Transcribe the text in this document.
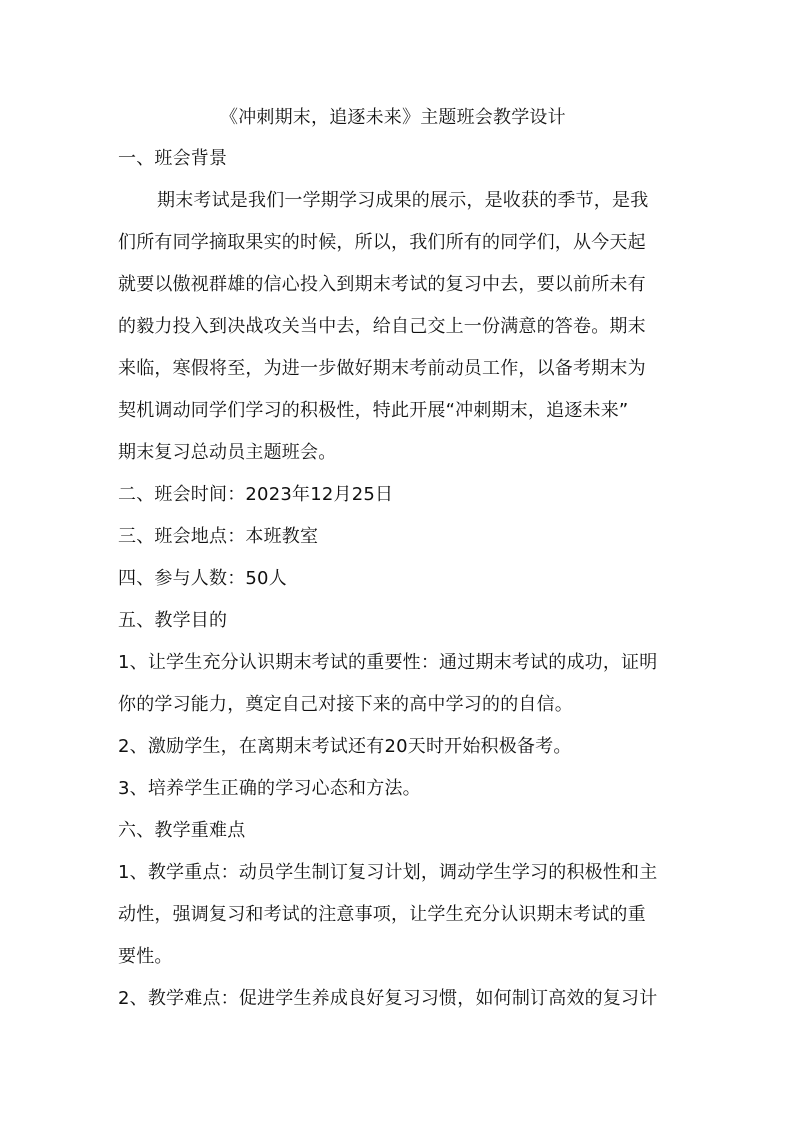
《冲刺期末，追逐未来》主题班会教学设计
一、班会背景
期末考试是我们一学期学习成果的展示，是收获的季节，是我
们所有同学摘取果实的时候，所以，我们所有的同学们，从今天起
就要以傲视群雄的信心投入到期末考试的复习中去，要以前所未有
的毅力投入到决战攻关当中去，给自己交上一份满意的答卷。期末
来临，寒假将至，为进一步做好期末考前动员工作，以备考期末为
契机调动同学们学习的积极性，特此开展“冲刺期末，追逐未来”
期末复习总动员主题班会。
二、班会时间：2023年12月25日
三、班会地点：本班教室
四、参与人数：50人
五、教学目的
1、让学生充分认识期末考试的重要性：通过期末考试的成功，证明
你的学习能力，奠定自己对接下来的高中学习的的自信。
2、激励学生，在离期末考试还有20天时开始积极备考。
3、培养学生正确的学习心态和方法。
六、教学重难点
1、教学重点：动员学生制订复习计划，调动学生学习的积极性和主
动性，强调复习和考试的注意事项，让学生充分认识期末考试的重
要性。
2、教学难点：促进学生养成良好复习习惯，如何制订高效的复习计
